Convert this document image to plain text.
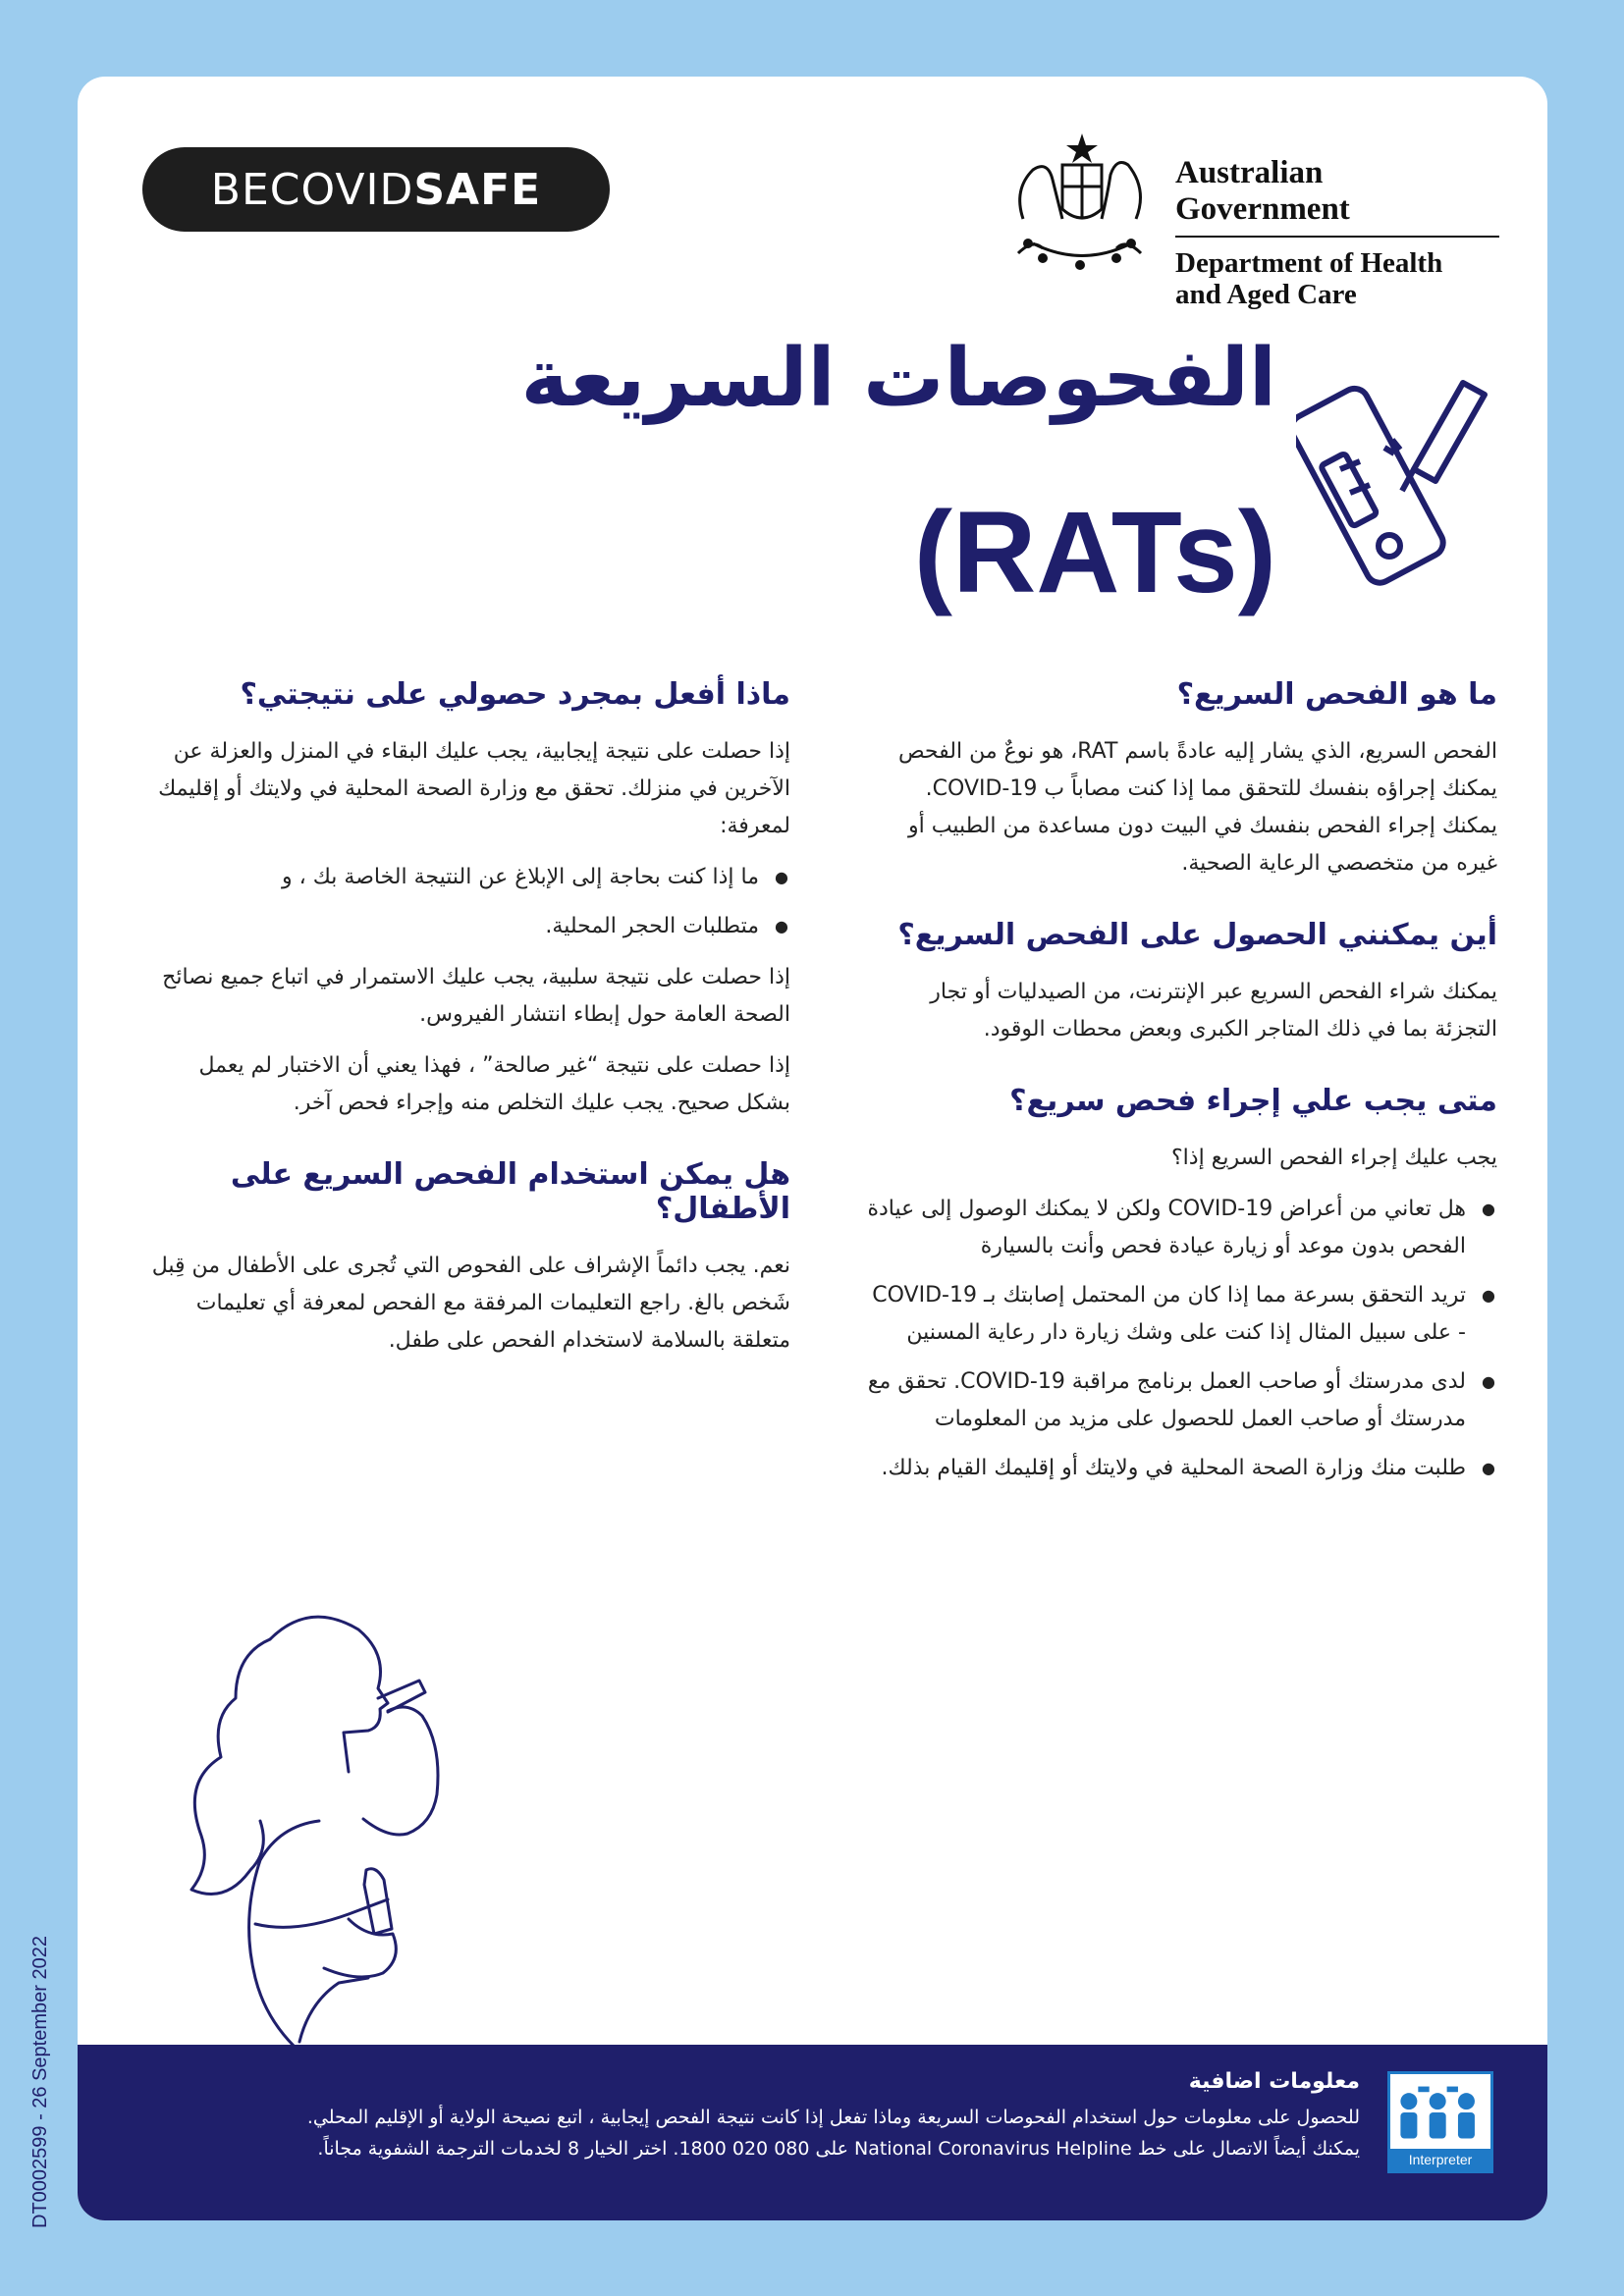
BE COVID SAFE	Australian Government
Department of Health
and Aged Care
الفحوصات السريعة
(RATs)
ما هو الفحص السريع؟

الفحص السريع، الذي يشار إليه عادةً باسم RAT، هو نوعٌ من الفحص يمكنك إجراؤه بنفسك للتحقق مما إذا كنت مصاباً ب COVID-19. يمكنك إجراء الفحص بنفسك في البيت دون مساعدة من الطبيب أو غيره من متخصصي الرعاية الصحية.

أين يمكنني الحصول على الفحص السريع؟

يمكنك شراء الفحص السريع عبر الإنترنت، من الصيدليات أو تجار التجزئة بما في ذلك المتاجر الكبرى وبعض محطات الوقود.

متى يجب علي إجراء فحص سريع؟

يجب عليك إجراء الفحص السريع إذا؟

● هل تعاني من أعراض COVID-19 ولكن لا يمكنك الوصول إلى عيادة الفحص بدون موعد أو زيارة عيادة فحص وأنت بالسيارة
● تريد التحقق بسرعة مما إذا كان من المحتمل إصابتك بـ COVID-19 - على سبيل المثال إذا كنت على وشك زيارة دار رعاية المسنين
● لدى مدرستك أو صاحب العمل برنامج مراقبة COVID-19. تحقق مع مدرستك أو صاحب العمل للحصول على مزيد من المعلومات
● طلبت منك وزارة الصحة المحلية في ولايتك أو إقليمك القيام بذلك.
ماذا أفعل بمجرد حصولي على نتيجتي؟

إذا حصلت على نتيجة إيجابية، يجب عليك البقاء في المنزل والعزلة عن الآخرين في منزلك. تحقق مع وزارة الصحة المحلية في ولايتك أو إقليمك لمعرفة:

● ما إذا كنت بحاجة إلى الإبلاغ عن النتيجة الخاصة بك ، و
● متطلبات الحجر المحلية.

إذا حصلت على نتيجة سلبية، يجب عليك الاستمرار في اتباع جميع نصائح الصحة العامة حول إبطاء انتشار الفيروس.

إذا حصلت على نتيجة “غير صالحة” ، فهذا يعني أن الاختبار لم يعمل بشكل صحيح. يجب عليك التخلص منه وإجراء فحص آخر.

هل يمكن استخدام الفحص السريع على الأطفال؟

نعم. يجب دائماً الإشراف على الفحوص التي تُجرى على الأطفال من قِبل شَخص بالغ. راجع التعليمات المرفقة مع الفحص لمعرفة أي تعليمات متعلقة بالسلامة لاستخدام الفحص على طفل.

Interpreter
معلومات اضافية
للحصول على معلومات حول استخدام الفحوصات السريعة وماذا تفعل إذا كانت نتيجة الفحص إيجابية ، اتبع نصيحة الولاية أو الإقليم المحلي. يمكنك أيضاً الاتصال على خط National Coronavirus Helpline على 080 020 1800. اختر الخيار 8 لخدمات الترجمة الشفوية مجاناً.
DT0002599 - 26 September 2022
